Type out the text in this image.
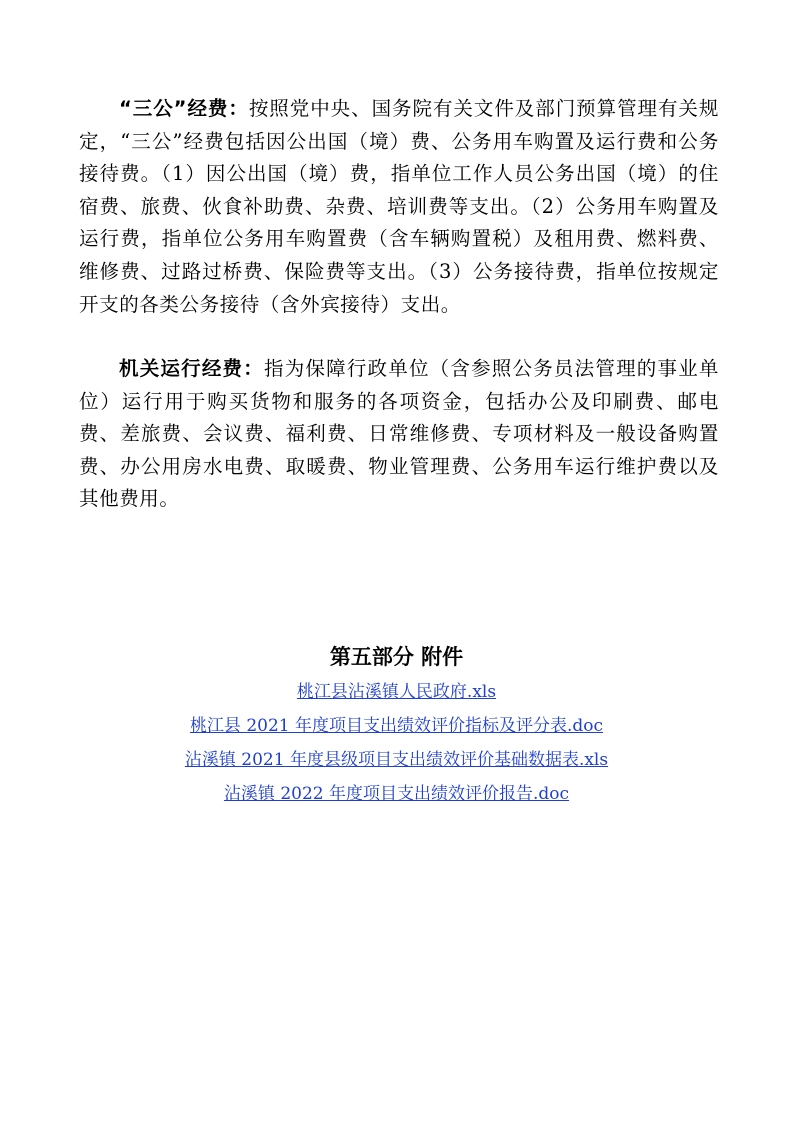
“三公”经费：按照党中央、国务院有关文件及部门预算管理有关规定，“三公”经费包括因公出国（境）费、公务用车购置及运行费和公务接待费。（1）因公出国（境）费，指单位工作人员公务出国（境）的住宿费、旅费、伙食补助费、杂费、培训费等支出。（2）公务用车购置及运行费，指单位公务用车购置费（含车辆购置税）及租用费、燃料费、维修费、过路过桥费、保险费等支出。（3）公务接待费，指单位按规定开支的各类公务接待（含外宾接待）支出。

机关运行经费：指为保障行政单位（含参照公务员法管理的事业单位）运行用于购买货物和服务的各项资金，包括办公及印刷费、邮电费、差旅费、会议费、福利费、日常维修费、专项材料及一般设备购置费、办公用房水电费、取暖费、物业管理费、公务用车运行维护费以及其他费用。

第五部分 附件
桃江县沾溪镇人民政府.xls
桃江县 2021 年度项目支出绩效评价指标及评分表.doc
沾溪镇 2021 年度县级项目支出绩效评价基础数据表.xls
沾溪镇 2022 年度项目支出绩效评价报告.doc
